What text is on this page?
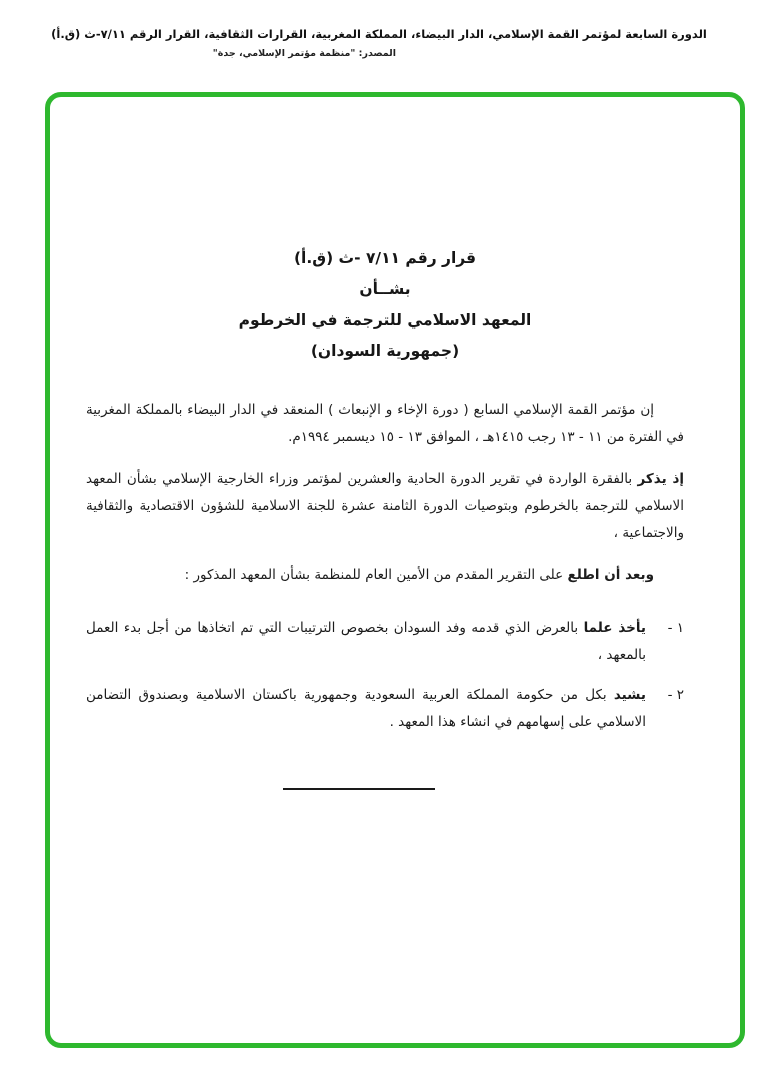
الدورة السابعة لمؤتمر القمة الإسلامي، الدار البيضاء، المملكة المغربية، القرارات الثقافية، القرار الرقم ٧/١١-ث (ق.أ)
المصدر: "منظمة مؤتمر الإسلامي، جدة"
قرار رقم ٧/١١ -ث (ق.أ)
بشــأن
المعهد الاسلامي للترجمة في الخرطوم
(جمهورية السودان)

إن مؤتمر القمة الإسلامي السابع ( دورة الإخاء و الإنبعاث ) المنعقد في الدار البيضاء بالمملكة المغربية في الفترة من ١١ - ١٣ رجب ١٤١٥هـ ، الموافق ١٣ - ١٥ ديسمبر ١٩٩٤م.

إذ يذكر بالفقرة الواردة في تقرير الدورة الحادية والعشرين لمؤتمر وزراء الخارجية الإسلامي بشأن المعهد الاسلامي للترجمة بالخرطوم وبتوصيات الدورة الثامنة عشرة للجنة الاسلامية للشؤون الاقتصادية والثقافية والاجتماعية ،

وبعد أن اطلع على التقرير المقدم من الأمين العام للمنظمة بشأن المعهد المذكور :

١ -
يأخذ علما بالعرض الذي قدمه وفد السودان بخصوص الترتيبات التي تم اتخاذها من أجل بدء العمل بالمعهد ،
٢ -
يشيد بكل من حكومة المملكة العربية السعودية وجمهورية باكستان الاسلامية وبصندوق التضامن الاسلامي على إسهامهم في انشاء هذا المعهد .
